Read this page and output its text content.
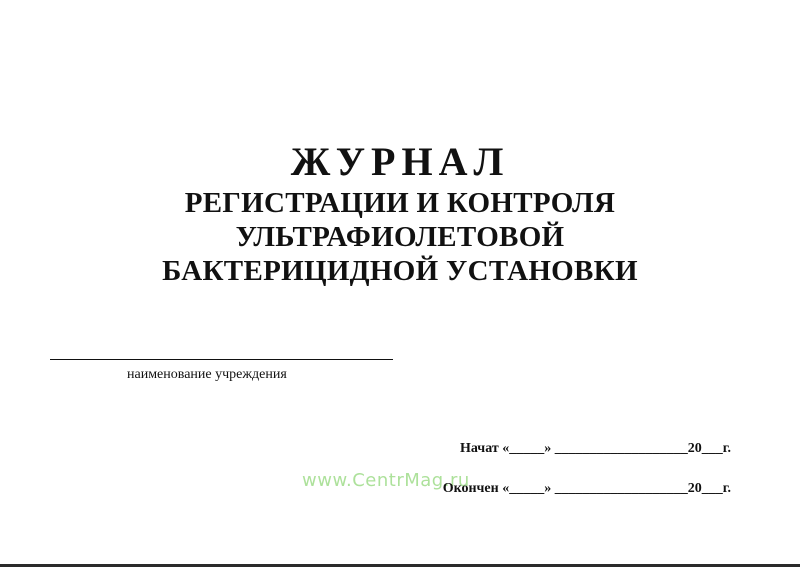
ЖУРНАЛ
РЕГИСТРАЦИИ И КОНТРОЛЯ
УЛЬТРАФИОЛЕТОВОЙ
БАКТЕРИЦИДНОЙ УСТАНОВКИ
наименование учреждения
www.CentrMag.ru
Начат «_____» ___________________20___г.
Окончен «_____» ___________________20___г.
